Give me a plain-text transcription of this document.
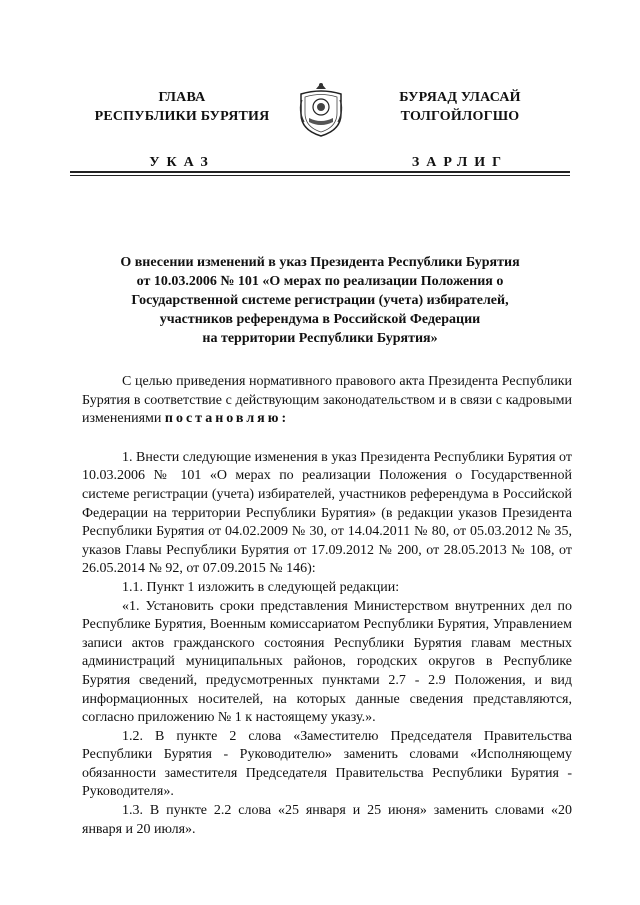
ГЛАВА
РЕСПУБЛИКИ БУРЯТИЯ
УКАЗ
БУРЯАД УЛАСАЙ
ТОЛГОЙЛОГШО
ЗАРЛИГ
О внесении изменений в указ Президента Республики Бурятия
от 10.03.2006 № 101 «О мерах по реализации Положения о
Государственной системе регистрации (учета) избирателей,
участников референдума в Российской Федерации
на территории Республики Бурятия»

С целью приведения нормативного правового акта Президента Республики Бурятия в соответствие с действующим законодательством и в связи с кадровыми изменениями постановляю:

1. Внести следующие изменения в указ Президента Республики Бурятия от 10.03.2006 № 101 «О мерах по реализации Положения о Государственной системе регистрации (учета) избирателей, участников референдума в Российской Федерации на территории Республики Бурятия» (в редакции указов Президента Республики Бурятия от 04.02.2009 № 30, от 14.04.2011 № 80, от 05.03.2012 № 35, указов Главы Республики Бурятия от 17.09.2012 № 200, от 28.05.2013 № 108, от 26.05.2014 № 92, от 07.09.2015 № 146):

1.1. Пункт 1 изложить в следующей редакции:

«1. Установить сроки представления Министерством внутренних дел по Республике Бурятия, Военным комиссариатом Республики Бурятия, Управлением записи актов гражданского состояния Республики Бурятия главам местных администраций муниципальных районов, городских округов в Республике Бурятия сведений, предусмотренных пунктами 2.7 - 2.9 Положения, и вид информационных носителей, на которых данные сведения представляются, согласно приложению № 1 к настоящему указу.».

1.2. В пункте 2 слова «Заместителю Председателя Правительства Республики Бурятия - Руководителю» заменить словами «Исполняющему обязанности заместителя Председателя Правительства Республики Бурятия - Руководителя».

1.3. В пункте 2.2 слова «25 января и 25 июня» заменить словами «20 января и 20 июля».
